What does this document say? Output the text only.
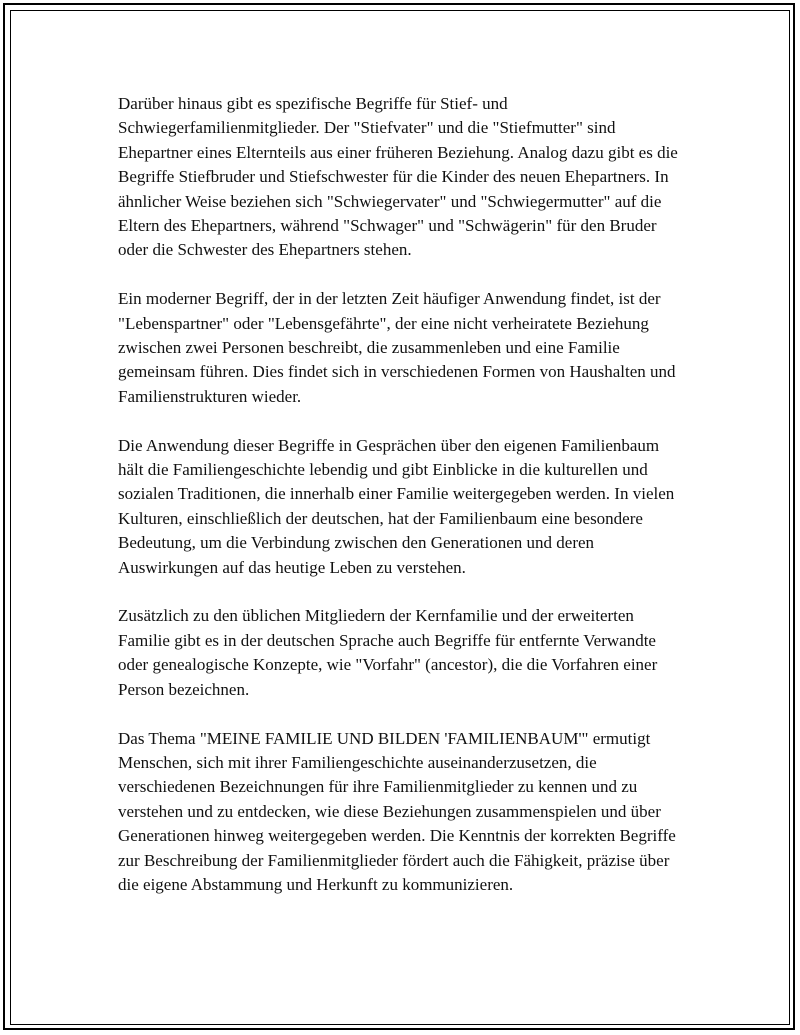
Darüber hinaus gibt es spezifische Begriffe für Stief- und Schwiegerfamilienmitglieder. Der "Stiefvater" und die "Stiefmutter" sind Ehepartner eines Elternteils aus einer früheren Beziehung. Analog dazu gibt es die Begriffe Stiefbruder und Stiefschwester für die Kinder des neuen Ehepartners. In ähnlicher Weise beziehen sich "Schwiegervater" und "Schwiegermutter" auf die Eltern des Ehepartners, während "Schwager" und "Schwägerin" für den Bruder oder die Schwester des Ehepartners stehen.

Ein moderner Begriff, der in der letzten Zeit häufiger Anwendung findet, ist der "Lebenspartner" oder "Lebensgefährte", der eine nicht verheiratete Beziehung zwischen zwei Personen beschreibt, die zusammenleben und eine Familie gemeinsam führen. Dies findet sich in verschiedenen Formen von Haushalten und Familienstrukturen wieder.

Die Anwendung dieser Begriffe in Gesprächen über den eigenen Familienbaum hält die Familiengeschichte lebendig und gibt Einblicke in die kulturellen und sozialen Traditionen, die innerhalb einer Familie weitergegeben werden. In vielen Kulturen, einschließlich der deutschen, hat der Familienbaum eine besondere Bedeutung, um die Verbindung zwischen den Generationen und deren Auswirkungen auf das heutige Leben zu verstehen.

Zusätzlich zu den üblichen Mitgliedern der Kernfamilie und der erweiterten Familie gibt es in der deutschen Sprache auch Begriffe für entfernte Verwandte oder genealogische Konzepte, wie "Vorfahr" (ancestor), die die Vorfahren einer Person bezeichnen.

Das Thema "MEINE FAMILIE UND BILDEN 'FAMILIENBAUM'" ermutigt Menschen, sich mit ihrer Familiengeschichte auseinanderzusetzen, die verschiedenen Bezeichnungen für ihre Familienmitglieder zu kennen und zu verstehen und zu entdecken, wie diese Beziehungen zusammenspielen und über Generationen hinweg weitergegeben werden. Die Kenntnis der korrekten Begriffe zur Beschreibung der Familienmitglieder fördert auch die Fähigkeit, präzise über die eigene Abstammung und Herkunft zu kommunizieren.
